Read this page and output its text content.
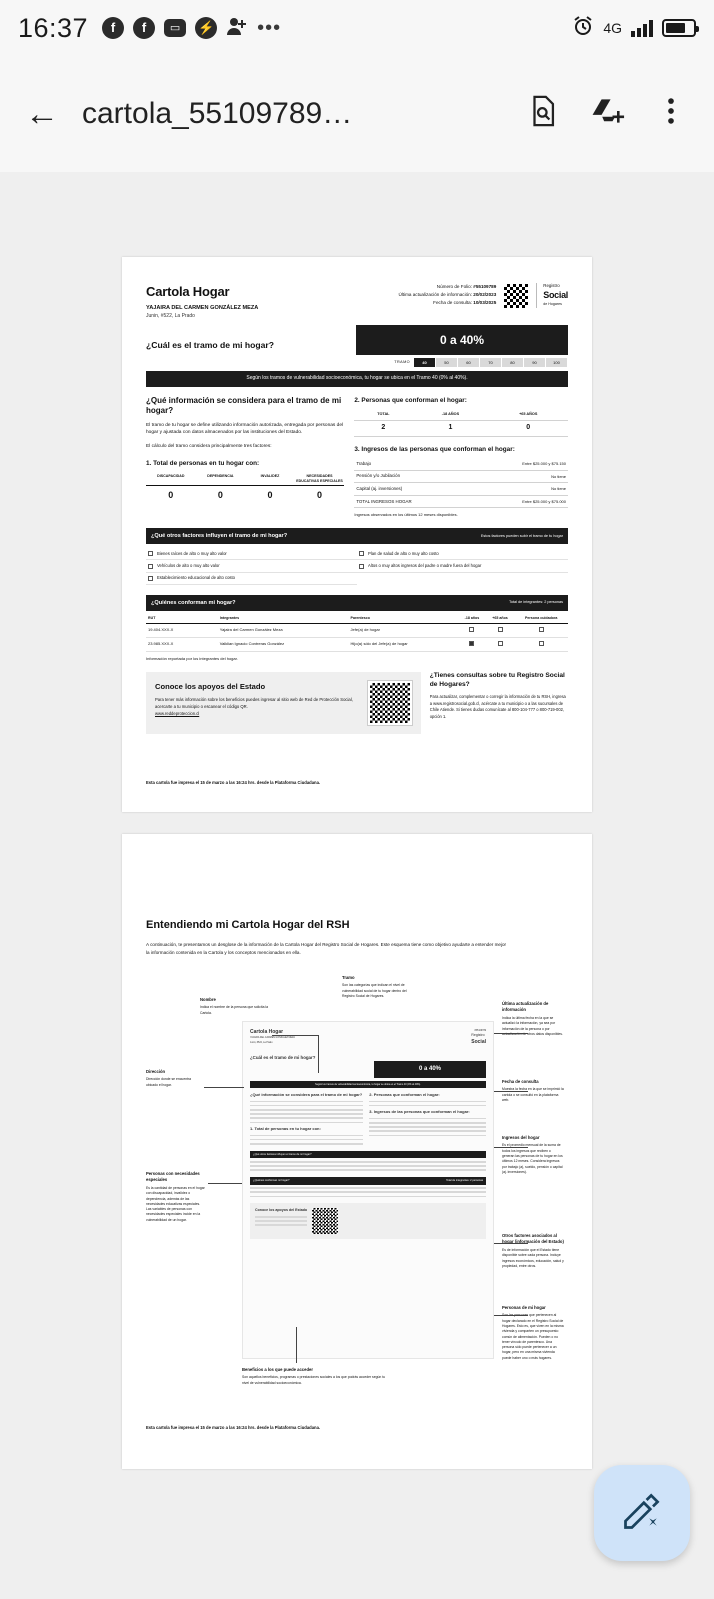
16:37	f	f	▭	⚡ •••	4G
← cartola_55109789…
Cartola Hogar
YAJAIRA DEL CARMEN GONZÁLEZ MEZA
Junin, #522, La Prado
Número de Folio: #55109789
Última actualización de información: 20/02/2023
Fecha de consulta: 10/03/2025
Registro
Social
de Hogares
¿Cuál es el tramo de mi hogar?	0 a 40%
TRAMO	40	50	60	70	80	90	100
Según los tramos de vulnerabilidad socioeconómica, tu hogar se ubica en el Tramo 40 (0% al 40%).
¿Qué información se considera para el tramo de mi hogar?
El tramo de tu hogar se define utilizando información autorizada, entregada por personas del hogar y ajustada con datos almacenados por las instituciones del Estado.
El cálculo del tramo considera principalmente tres factores:
1. Total de personas en tu hogar con:
DISCAPACIDAD	DEPENDENCIA	INVALIDEZ	NECESIDADES EDUCATIVAS ESPECIALES
0	0	0	0
2. Personas que conforman el hogar:
TOTAL	-18 AÑOS	+65 AÑOS
2	1	0
3. Ingresos de las personas que conforman el hogar:
Trabajo	Entre $25.000 y $75.150
Pensión y/o Jubilación	No tiene
Capital (aj. inversiones)	No tiene
TOTAL INGRESOS HOGAR	Entre $25.000 y $75.000
Ingresos observados en los últimos 12 meses disponibles.
¿Qué otros factores influyen el tramo de mi hogar?	Estos factores pueden subir el tramo de tu hogar
Bienes raíces de alto o muy alto valor	Plan de salud de alto o muy alto costo
Vehículos de alto o muy alto valor	Altos o muy altos ingresos del padre o madre fuera del hogar
Establecimiento educacional de alto costo
¿Quiénes conforman mi hogar?	Total de integrantes: 2 personas
RUT	Integrantes	Parentesco	-18 años	+65 años	Persona cuidadora
19.404.XXX-X	Yajaira del Carmen González Meza	Jefe(a) de hogar			
23.985.XXX-X	Valklian Ignacio Contreras González	Hijo(a) sólo del Jefe(a) de hogar			
Información reportada por los integrantes del hogar.
Conoce los apoyos del Estado

Para tener más información sobre los beneficios puedes ingresar al sitio web de Red de Protección Social, acercarte a tu municipio o escanear el código QR.

www.reddeproteccion.cl
¿Tienes consultas sobre tu Registro Social de Hogares?

Para actualizar, complementar o corregir la información de tu RSH, ingresa a www.registrosocial.gob.cl, acércate a tu municipio o a las sucursales de Chile Atiende. Si tienes dudas comunícate al 800-104-777 o 800-719-002, opción 1.

Esta cartola fue impresa el 15 de marzo a las 16:24 hrs. desde la Plataforma Ciudadana.
Entendiendo mi Cartola Hogar del RSH
A continuación, te presentamos un desglose de la información de la Cartola Hogar del Registro Social de Hogares. Este esquema tiene como objetivo ayudarte a entender mejor la información contenida en la Cartola y los conceptos mencionados en ella.
Cartola Hogar
YAJAIRA DEL CARMEN GONZÁLEZ MEZA
Junin, #522, La Prado
#55109789
Registro
Social
¿Cuál es el tramo de mi hogar?
0 a 40%
Según los tramos de vulnerabilidad socioeconómica, tu hogar se ubica en el Tramo 40 (0% al 40%).
¿Qué información se considera para el tramo de mi hogar?
1. Total de personas en tu hogar con:
2. Personas que conforman el hogar:
3. Ingresos de las personas que conforman el hogar:
¿Qué otros factores influyen el tramo de mi hogar?
¿Quiénes conforman mi hogar?	Total de integrantes: 2 personas
Conoce los apoyos del Estado
Nombre
Indica el nombre de la persona que solicita la Cartola.
Dirección
Dirección donde se encuentra ubicado el hogar.
Personas con necesidades especiales
Es la cantidad de personas en el hogar con discapacidad, invalidez o dependencia, además de las necesidades educativas especiales. Las variables de personas con necesidades especiales incide en la vulnerabilidad de un hogar.
Beneficios a los que puede acceder
Son aquellos beneficios, programas o prestaciones sociales a los que podrás acceder según tu nivel de vulnerabilidad socioeconómica.
Tramo
Son las categorías que indican el nivel de vulnerabilidad social de tu hogar dentro del Registro Social de Hogares.
Última actualización de información
Indica la última fecha en la que se actualizó la información, ya sea por información de la persona o por actualización de otros datos disponibles.
Fecha de consulta
Muestra la fecha en la que se imprimió la cartola o se consultó en la plataforma web.
Ingresos del hogar
Es el promedio mensual de la suma de todos los ingresos que reciben o generan las personas de tu hogar en los últimos 12 meses. Considera ingresos por trabajo (a), sueldo, pensión o capital (aj. inversiones).
Otros factores asociados al hogar (información del Estado)
Es de información que el Estado tiene disponible sobre cada persona. Incluye ingresos económicos, educación, salud y propiedad, entre otros.
Personas de mi hogar
Son las personas que pertenecen al hogar declarado en el Registro Social de Hogares. Esto es, que viven en la misma vivienda y comparten un presupuesto común de alimentación. Pueden o no tener vínculo de parentesco. Una persona sólo puede pertenecer a un hogar, pero en una misma vivienda puede haber uno o más hogares.
Esta cartola fue impresa el 15 de marzo a las 16:24 hrs. desde la Plataforma Ciudadana.
